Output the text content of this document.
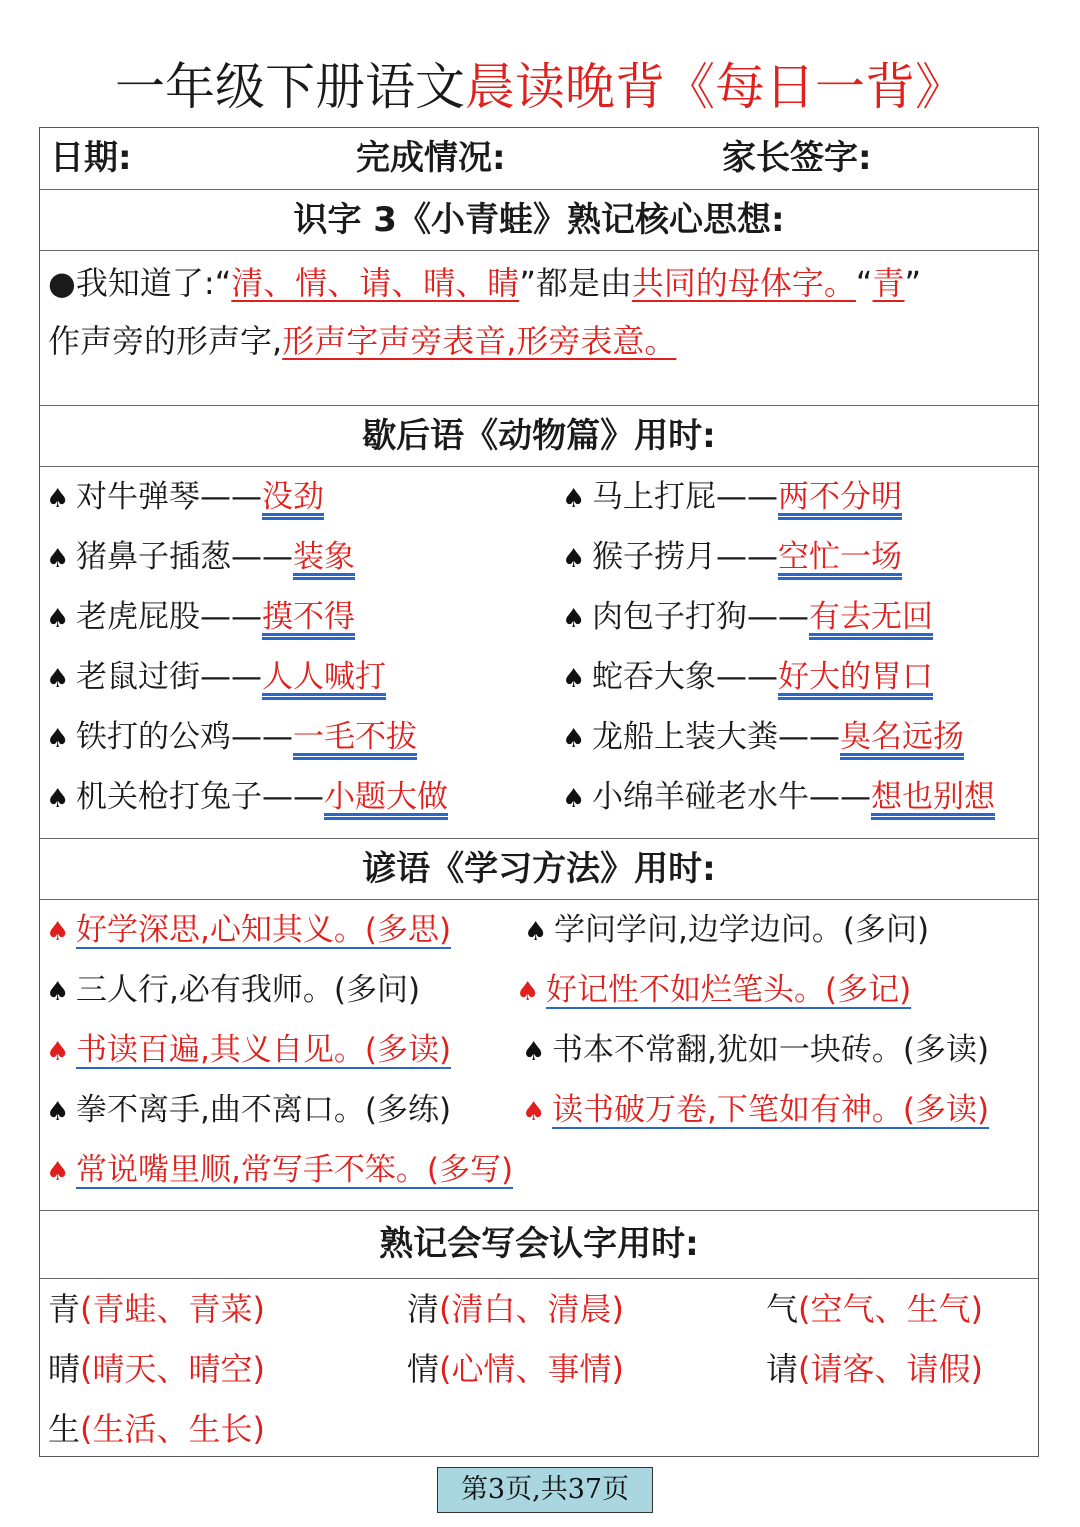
一年级下册语文晨读晚背《每日一背》
日期:	完成情况:	家长签字:
识字 3《小青蛙》熟记核心思想:
●我知道了:“清、情、请、晴、睛”都是由共同的母体字。“青”
作声旁的形声字,形声字声旁表音,形旁表意。
歇后语《动物篇》用时:
♠ 对牛弹琴——没劲	♠ 马上打屁——两不分明
♠ 猪鼻子插葱——装象	♠ 猴子捞月——空忙一场
♠ 老虎屁股——摸不得	♠ 肉包子打狗——有去无回
♠ 老鼠过街——人人喊打	♠ 蛇吞大象——好大的胃口
♠ 铁打的公鸡——一毛不拔	♠ 龙船上装大粪——臭名远扬
♠ 机关枪打兔子——小题大做	♠ 小绵羊碰老水牛——想也别想
谚语《学习方法》用时:
♠ 好学深思,心知其义。(多思)	♠ 学问学问,边学边问。(多问)
♠ 三人行,必有我师。(多问)	♠ 好记性不如烂笔头。(多记)
♠ 书读百遍,其义自见。(多读)	♠ 书本不常翻,犹如一块砖。(多读)
♠ 拳不离手,曲不离口。(多练)	♠ 读书破万卷,下笔如有神。(多读)
♠ 常说嘴里顺,常写手不笨。(多写)
熟记会写会认字用时:
青(青蛙、青菜)	清(清白、清晨)	气(空气、生气)
晴(晴天、晴空)	情(心情、事情)	请(请客、请假)
生(生活、生长)
第3页,共37页
